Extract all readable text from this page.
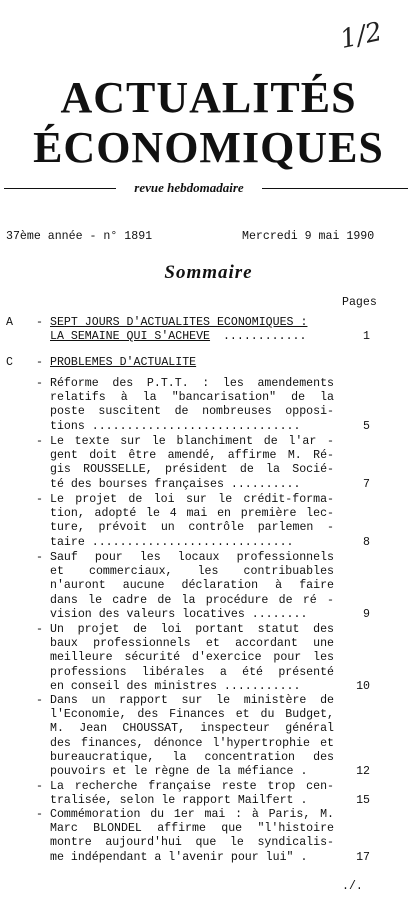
1/2
ACTUALITÉS
ÉCONOMIQUES
revue hebdomadaire
37ème année - n° 1891	Mercredi 9 mai 1990
Sommaire
Pages
A - SEPT JOURS D'ACTUALITES ECONOMIQUES :
LA SEMAINE QUI S'ACHEVE ............	1
C - PROBLEMES D'ACTUALITE
- Réforme des P.T.T. : les amendements
relatifs à la "bancarisation" de la
poste suscitent de nombreuses opposi-
tions ..............................	5
- Le texte sur le blanchiment de l'ar -
gent doit être amendé, affirme M. Ré-
gis ROUSSELLE, président de la Socié-
té des bourses françaises ..........	7
- Le projet de loi sur le crédit-forma-
tion, adopté le 4 mai en première lec-
ture, prévoit un contrôle parlemen -
taire .............................	8
- Sauf pour les locaux professionnels
et commerciaux, les contribuables
n'auront aucune déclaration à faire
dans le cadre de la procédure de ré -
vision des valeurs locatives ........	9
- Un projet de loi portant statut des
baux professionnels et accordant une
meilleure sécurité d'exercice pour les
professions libérales a été présenté
en conseil des ministres ...........	10
- Dans un rapport sur le ministère de
l'Economie, des Finances et du Budget,
M. Jean CHOUSSAT, inspecteur général
des finances, dénonce l'hypertrophie et
bureaucratique, la concentration des
pouvoirs et le règne de la méfiance .	12
- La recherche française reste trop cen-
tralisée, selon le rapport Mailfert .	15
- Commémoration du 1er mai : à Paris, M.
Marc BLONDEL affirme que "l'histoire
montre aujourd'hui que le syndicalis-
me indépendant a l'avenir pour lui" .	17
./.
